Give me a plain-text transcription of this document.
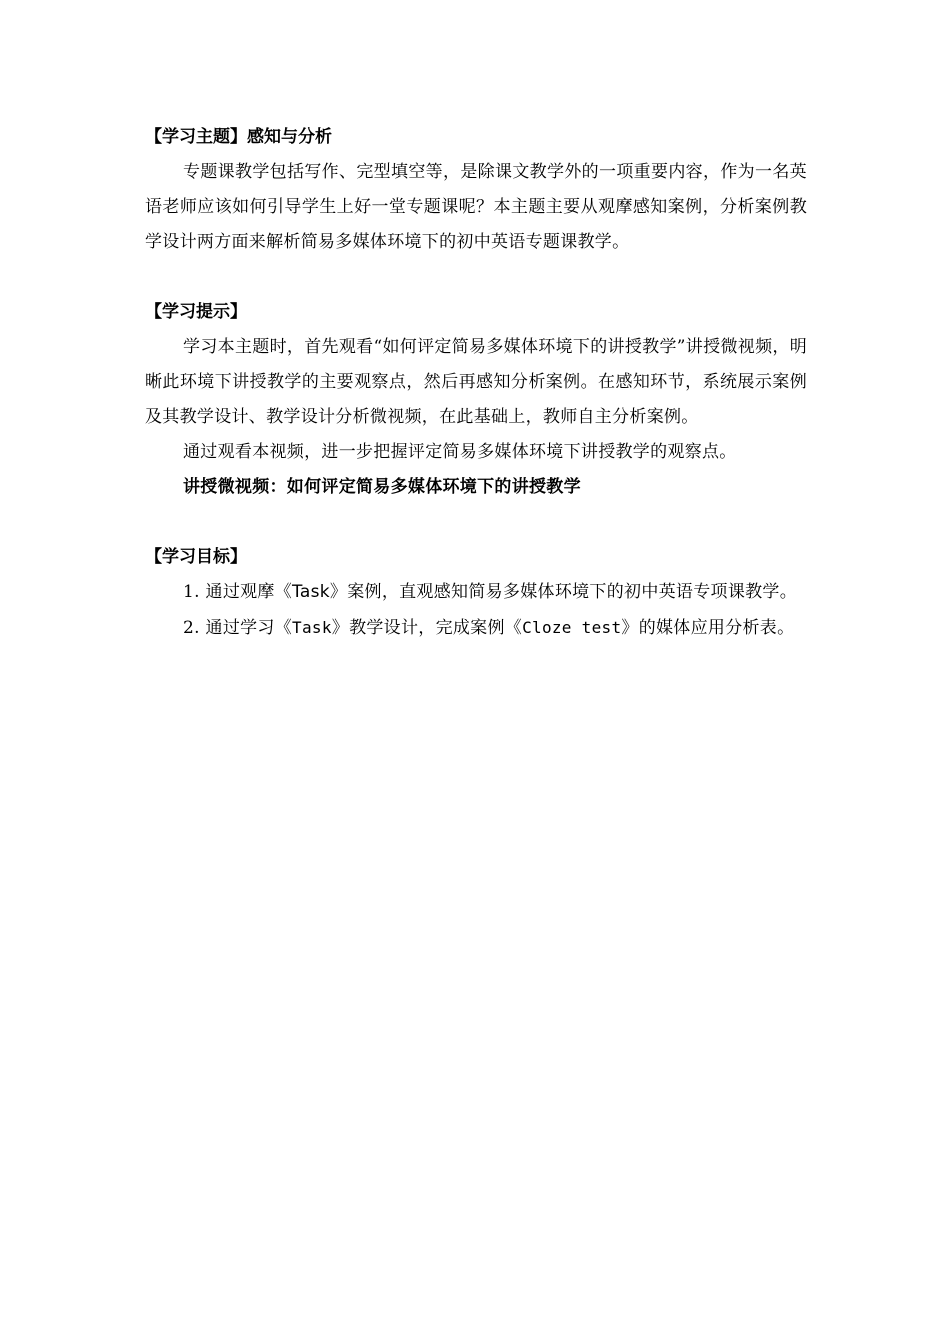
【学习主题】感知与分析

专题课教学包括写作、完型填空等，是除课文教学外的一项重要内容，作为一名英语老师应该如何引导学生上好一堂专题课呢？本主题主要从观摩感知案例，分析案例教学设计两方面来解析简易多媒体环境下的初中英语专题课教学。

【学习提示】

学习本主题时，首先观看“如何评定简易多媒体环境下的讲授教学”讲授微视频，明晰此环境下讲授教学的主要观察点，然后再感知分析案例。在感知环节，系统展示案例及其教学设计、教学设计分析微视频，在此基础上，教师自主分析案例。

通过观看本视频，进一步把握评定简易多媒体环境下讲授教学的观察点。

讲授微视频：如何评定简易多媒体环境下的讲授教学

【学习目标】

1. 通过观摩《Task》案例，直观感知简易多媒体环境下的初中英语专项课教学。

2. 通过学习《Task》教学设计，完成案例《Cloze test》的媒体应用分析表。
